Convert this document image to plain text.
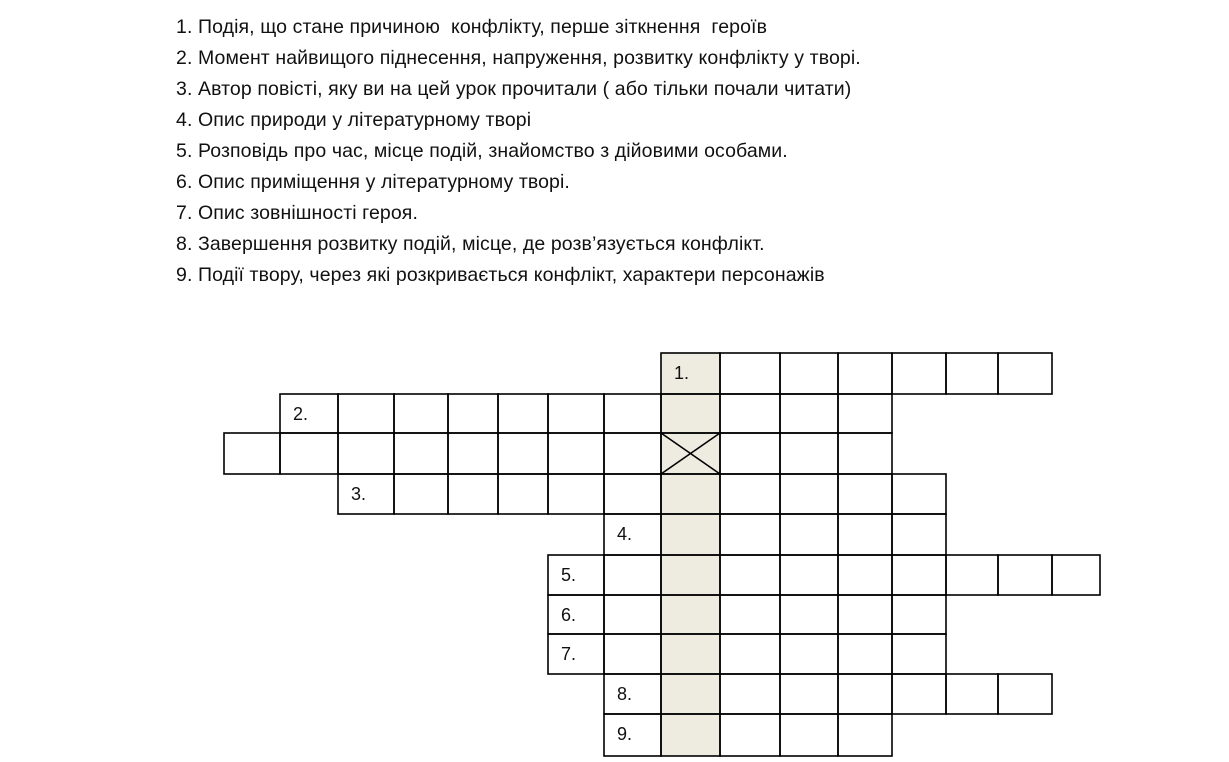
1. Подія, що стане причиною  конфлікту, перше зіткнення  героїв
2. Момент найвищого піднесення, напруження, розвитку конфлікту у творі.
3. Автор повісті, яку ви на цей урок прочитали ( або тільки почали читати)
4. Опис природи у літературному творі
5. Розповідь про час, місце подій, знайомство з дійовими особами.
6. Опис приміщення у літературному творі.
7. Опис зовнішності героя.
8. Завершення розвитку подій, місце, де розв’язується конфлікт.
9. Події твору, через які розкривається конфлікт, характери персонажів
1.
2.
3.
4.
5.
6.
7.
8.
9.
